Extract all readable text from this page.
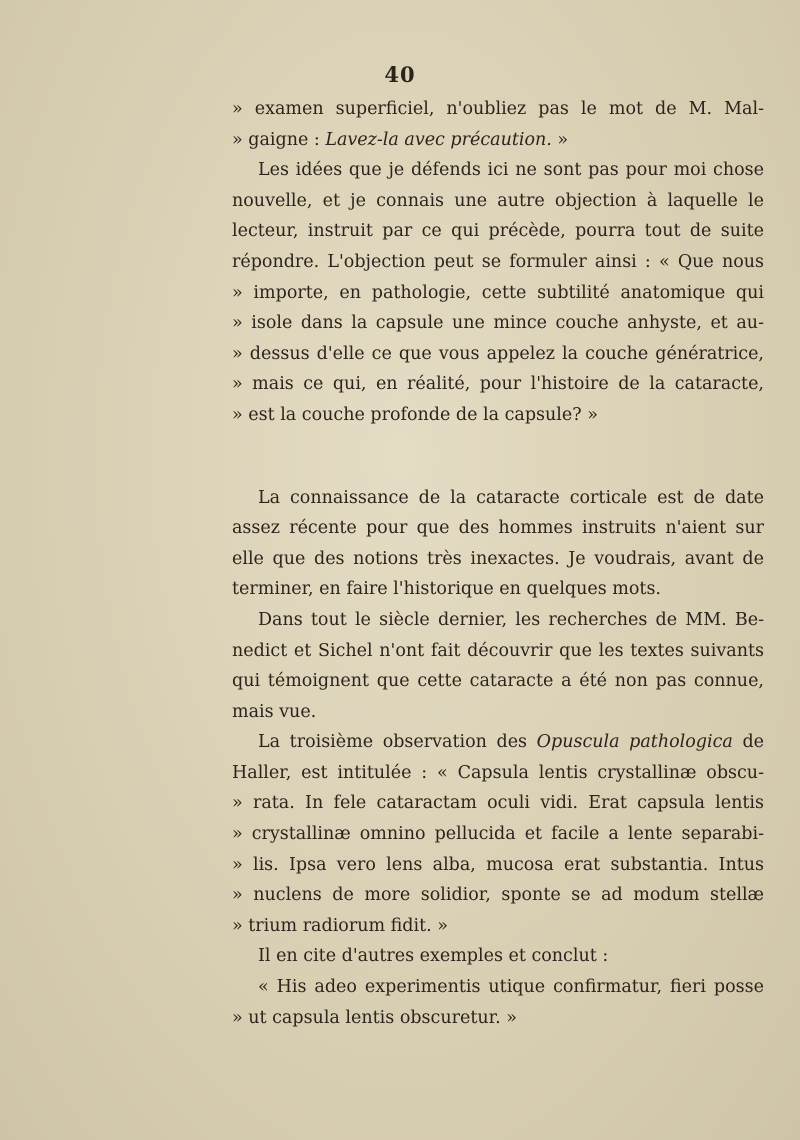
40
» examen superficiel, n'oubliez pas le mot de M. Mal-
» gaigne : Lavez-la avec précaution. »
Les idées que je défends ici ne sont pas pour moi chose
nouvelle, et je connais une autre objection à laquelle le
lecteur, instruit par ce qui précède, pourra tout de suite
répondre. L'objection peut se formuler ainsi : « Que nous
» importe, en pathologie, cette subtilité anatomique qui
» isole dans la capsule une mince couche anhyste, et au-
» dessus d'elle ce que vous appelez la couche génératrice,
» mais ce qui, en réalité, pour l'histoire de la cataracte,
» est la couche profonde de la capsule? »
La connaissance de la cataracte corticale est de date
assez récente pour que des hommes instruits n'aient sur
elle que des notions très inexactes. Je voudrais, avant de
terminer, en faire l'historique en quelques mots.
Dans tout le siècle dernier, les recherches de MM. Be-
nedict et Sichel n'ont fait découvrir que les textes suivants
qui témoignent que cette cataracte a été non pas connue,
mais vue.
La troisième observation des Opuscula pathologica de
Haller, est intitulée : « Capsula lentis crystallinæ obscu-
» rata. In fele cataractam oculi vidi. Erat capsula lentis
» crystallinæ omnino pellucida et facile a lente separabi-
» lis. Ipsa vero lens alba, mucosa erat substantia. Intus
» nuclens de more solidior, sponte se ad modum stellæ
» trium radiorum fidit. »
Il en cite d'autres exemples et conclut :
« His adeo experimentis utique confirmatur, fieri posse
» ut capsula lentis obscuretur. »
